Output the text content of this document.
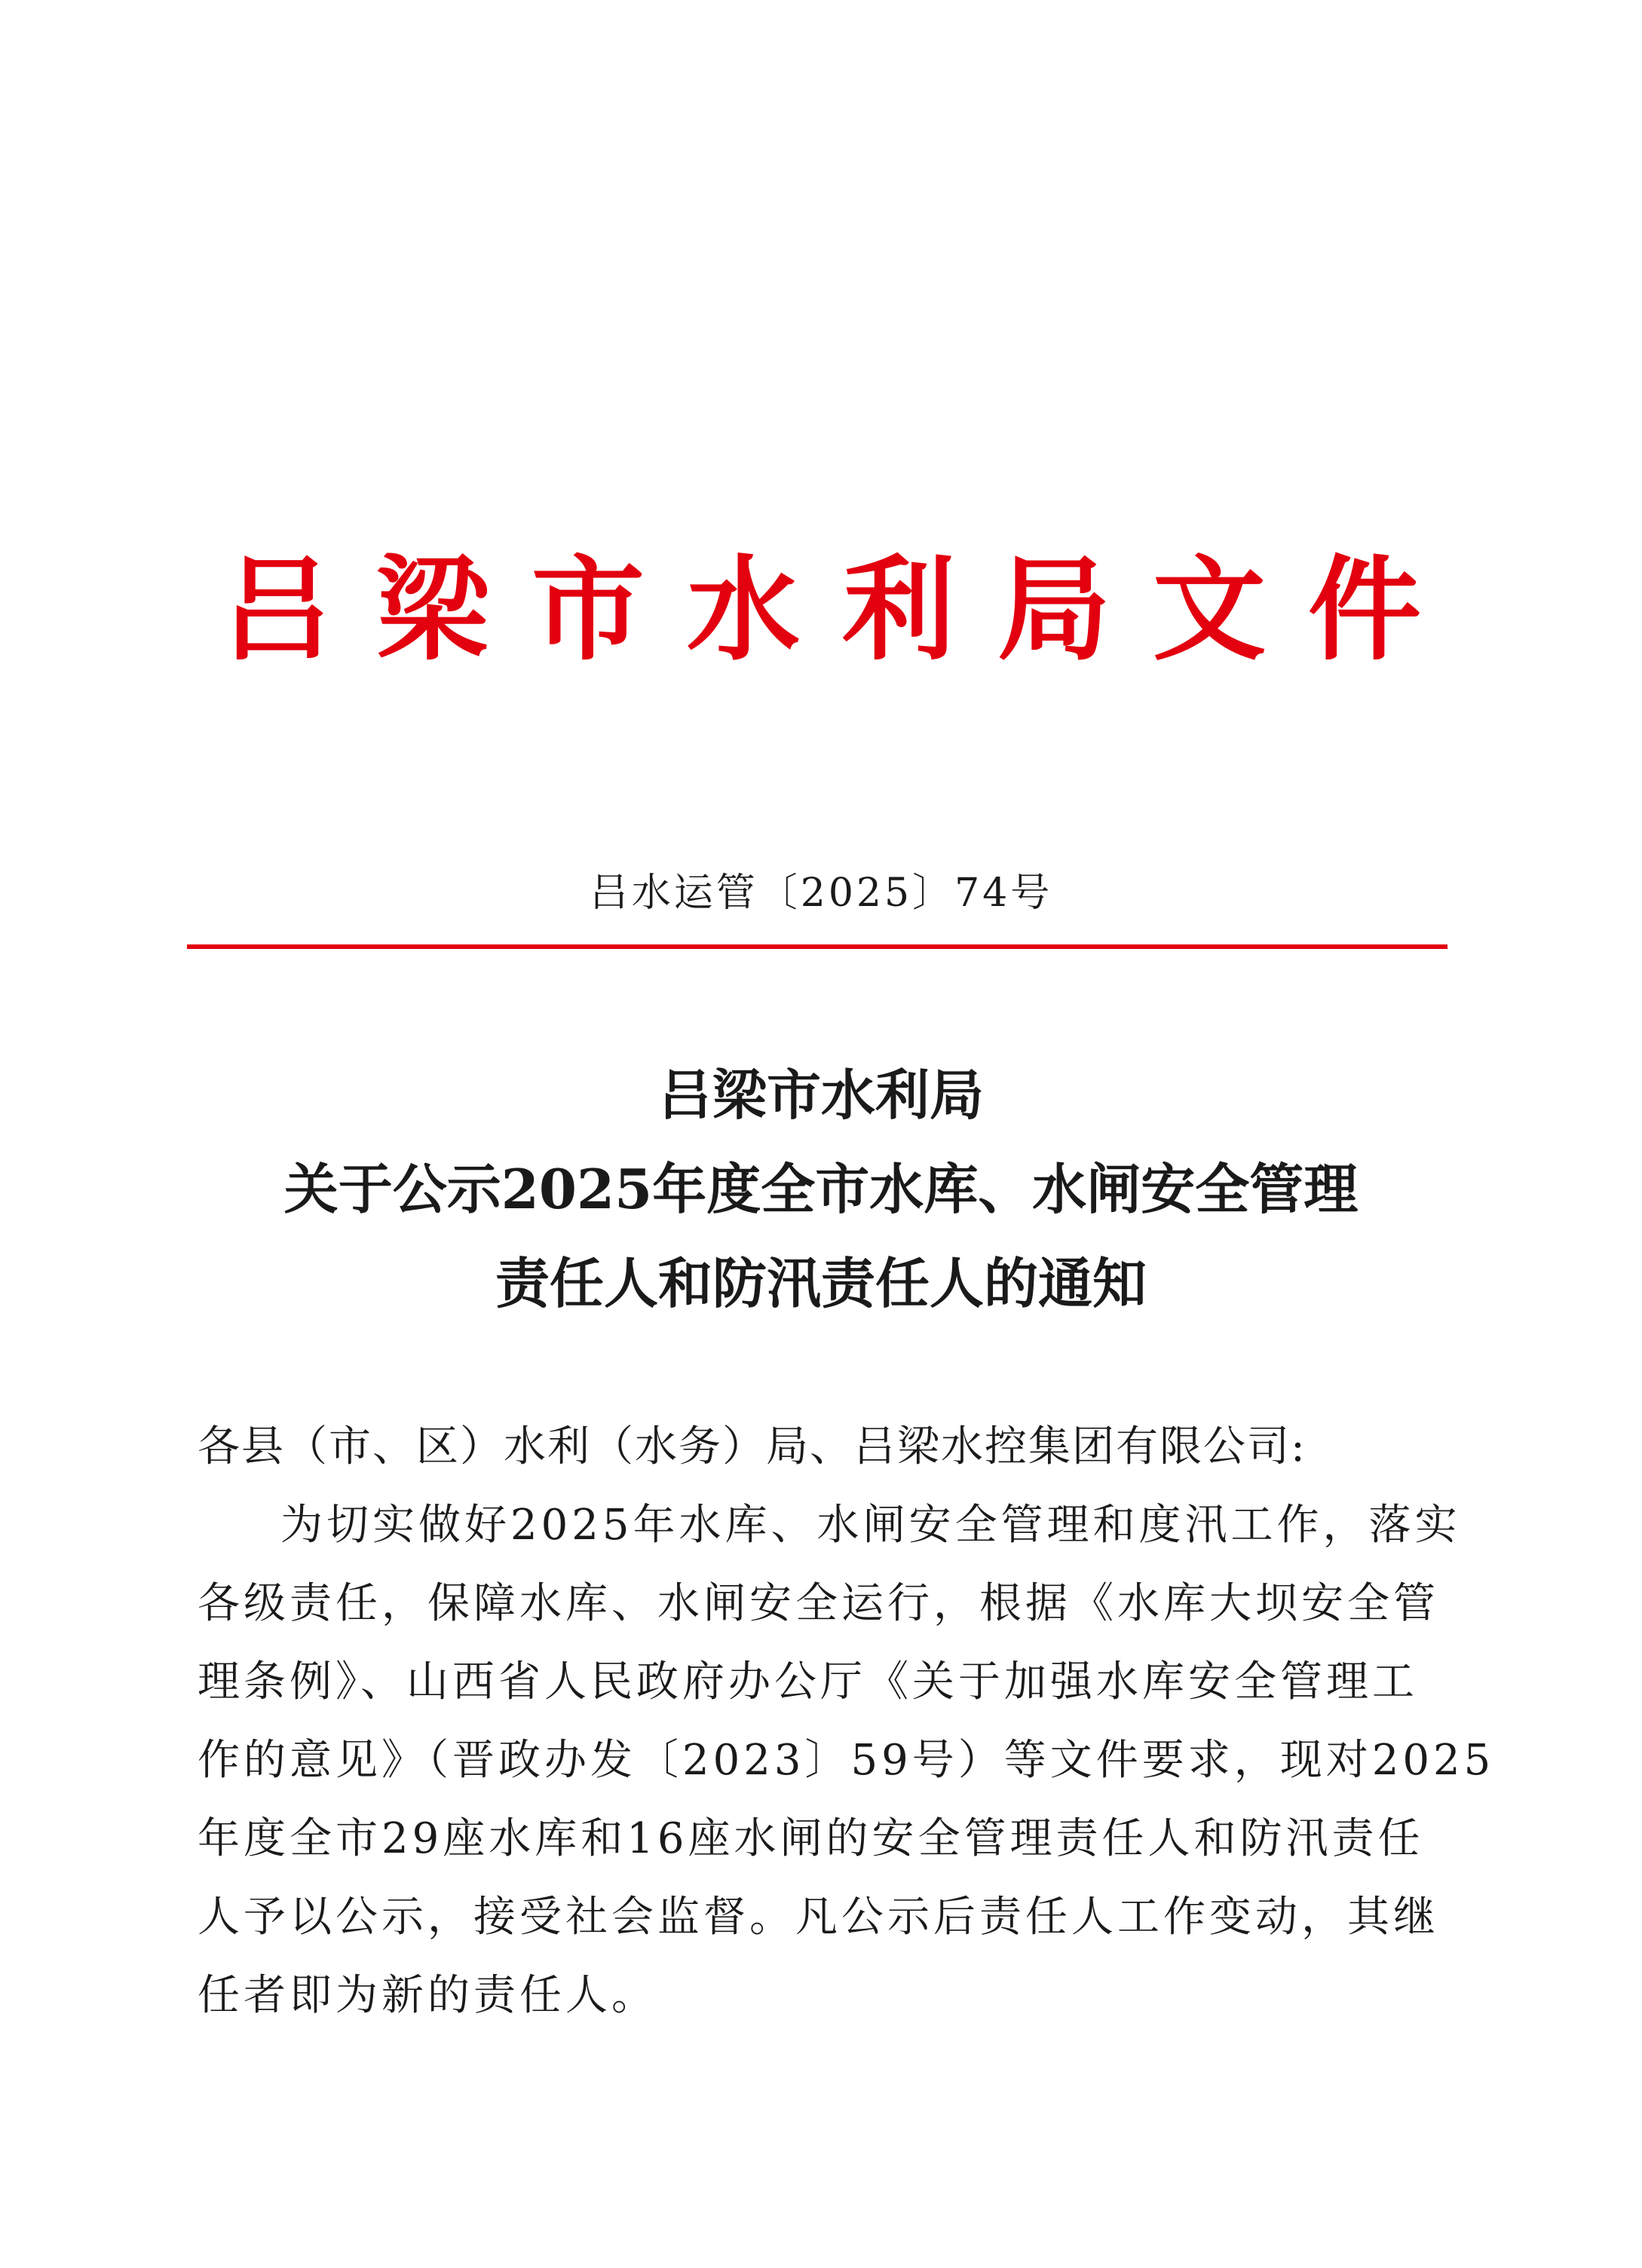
吕梁市水利局文件
吕水运管〔2025〕74号
吕梁市水利局
关于公示2025年度全市水库、水闸安全管理
责任人和防汛责任人的通知
各县（市、区）水利（水务）局、吕梁水控集团有限公司:
为切实做好2025年水库、水闸安全管理和度汛工作，落实
各级责任，保障水库、水闸安全运行，根据《水库大坝安全管
理条例》、山西省人民政府办公厅《关于加强水库安全管理工
作的意见》（晋政办发〔2023〕59号）等文件要求，现对2025
年度全市29座水库和16座水闸的安全管理责任人和防汛责任
人予以公示，接受社会监督。凡公示后责任人工作变动，其继
任者即为新的责任人。
